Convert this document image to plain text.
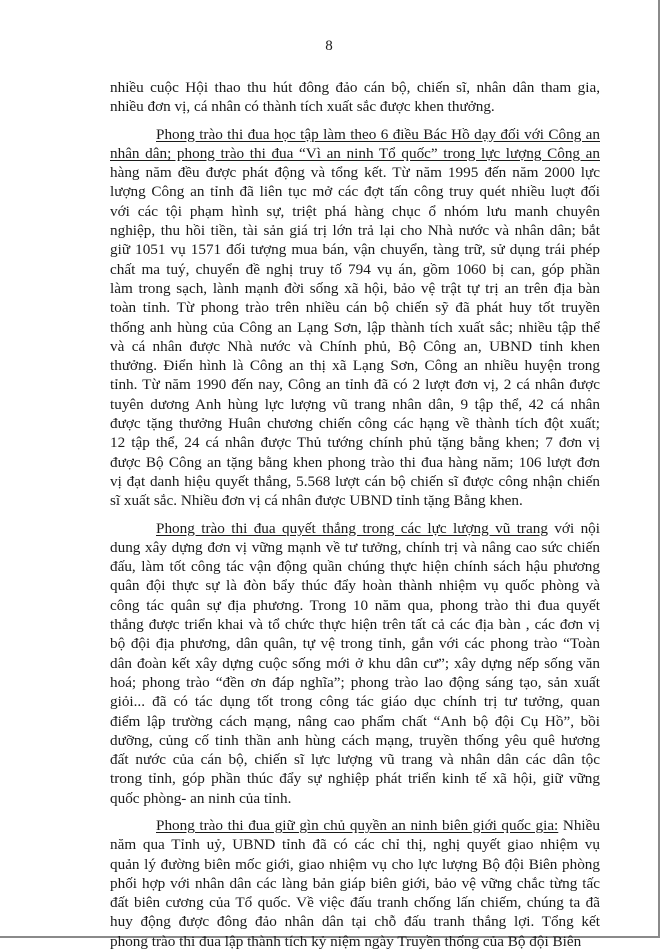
8
nhiều cuộc Hội thao thu hút đông đảo cán bộ, chiến sĩ, nhân dân tham gia,
nhiều đơn vị, cá nhân có thành tích xuất sắc được khen thưởng.
Phong trào thi đua học tập làm theo 6 điều Bác Hồ dạy đối với Công an
nhân dân; phong trào thi đua “Vì an ninh Tổ quốc” trong lực lượng Công an
hàng năm đều được phát động và tổng kết. Từ năm 1995 đến năm 2000 lực
lượng Công an tỉnh đã liên tục mở các đợt tấn công truy quét nhiều luợt đối
với các tội phạm hình sự, triệt phá hàng chục ổ nhóm lưu manh chuyên
nghiệp, thu hồi tiền, tài sản giá trị lớn trả lại cho Nhà nước và nhân dân; bắt
giữ 1051 vụ 1571 đối tượng mua bán, vận chuyển, tàng trữ, sử dụng trái phép
chất ma tuý, chuyển đề nghị truy tố 794 vụ án, gồm 1060 bị can, góp phần
làm trong sạch, lành mạnh đời sống xã hội, bảo vệ trật tự trị an trên địa bàn
toàn tỉnh. Từ phong trào trên nhiều cán bộ chiến sỹ đã phát huy tốt truyền
thống anh hùng của Công an Lạng Sơn, lập thành tích xuất sắc; nhiều tập thể
và cá nhân được Nhà nước và Chính phủ, Bộ Công an, UBND tỉnh khen
thưởng. Điển hình là Công an thị xã Lạng Sơn, Công an nhiều huyện trong
tỉnh. Từ năm 1990 đến nay, Công an tỉnh đã có 2 lượt đơn vị, 2 cá nhân được
tuyên dương Anh hùng lực lượng vũ trang nhân dân, 9 tập thể, 42 cá nhân
được tặng thưởng Huân chương chiến công các hạng về thành tích đột xuất;
12 tập thể, 24 cá nhân được Thủ tướng chính phủ tặng bằng khen; 7 đơn vị
được Bộ Công an tặng bằng khen phong trào thi đua hàng năm; 106 lượt đơn
vị đạt danh hiệu quyết thắng, 5.568 lượt cán bộ chiến sĩ được công nhận chiến
sĩ xuất sắc. Nhiều đơn vị cá nhân được UBND tỉnh tặng Bằng khen.
Phong trào thi đua quyết thắng trong các lực lượng vũ trang với nội
dung xây dựng đơn vị vững mạnh về tư tưởng, chính trị và nâng cao sức chiến
đấu, làm tốt công tác vận động quần chúng thực hiện chính sách hậu phương
quân đội thực sự là đòn bẩy thúc đẩy hoàn thành nhiệm vụ quốc phòng và
công tác quân sự địa phương. Trong 10 năm qua, phong trào thi đua quyết
thắng được triển khai và tổ chức thực hiện trên tất cả các địa bàn , các đơn vị
bộ đội địa phương, dân quân, tự vệ trong tỉnh, gắn với các phong trào “Toàn
dân đoàn kết xây dựng cuộc sống mới ở khu dân cư”; xây dựng nếp sống văn
hoá; phong trào “đền ơn đáp nghĩa”; phong trào lao động sáng tạo, sản xuất
giỏi... đã có tác dụng tốt trong công tác giáo dục chính trị tư tưởng, quan
điểm lập trường cách mạng, nâng cao phẩm chất “Anh bộ đội Cụ Hồ”, bồi
dưỡng, củng cố tinh thần anh hùng cách mạng, truyền thống yêu quê hương
đất nước của cán bộ, chiến sĩ lực lượng vũ trang và nhân dân các dân tộc
trong tỉnh, góp phần thúc đẩy sự nghiệp phát triển kinh tế xã hội, giữ vững
quốc phòng- an ninh của tỉnh.
Phong trào thi đua giữ gìn chủ quyền an ninh biên giới quốc gia: Nhiều
năm qua Tỉnh uỷ, UBND tỉnh đã có các chỉ thị, nghị quyết giao nhiệm vụ
quản lý đường biên mốc giới, giao nhiệm vụ cho lực lượng Bộ đội Biên phòng
phối hợp với nhân dân các làng bản giáp biên giới, bảo vệ vững chắc từng tấc
đất biên cương của Tổ quốc. Về việc đấu tranh chống lấn chiếm, chúng ta đã
huy động được đông đảo nhân dân tại chỗ đấu tranh thắng lợi. Tổng kết
phong trào thi đua lập thành tích kỷ niệm ngày Truyền thống của Bộ đội Biên
